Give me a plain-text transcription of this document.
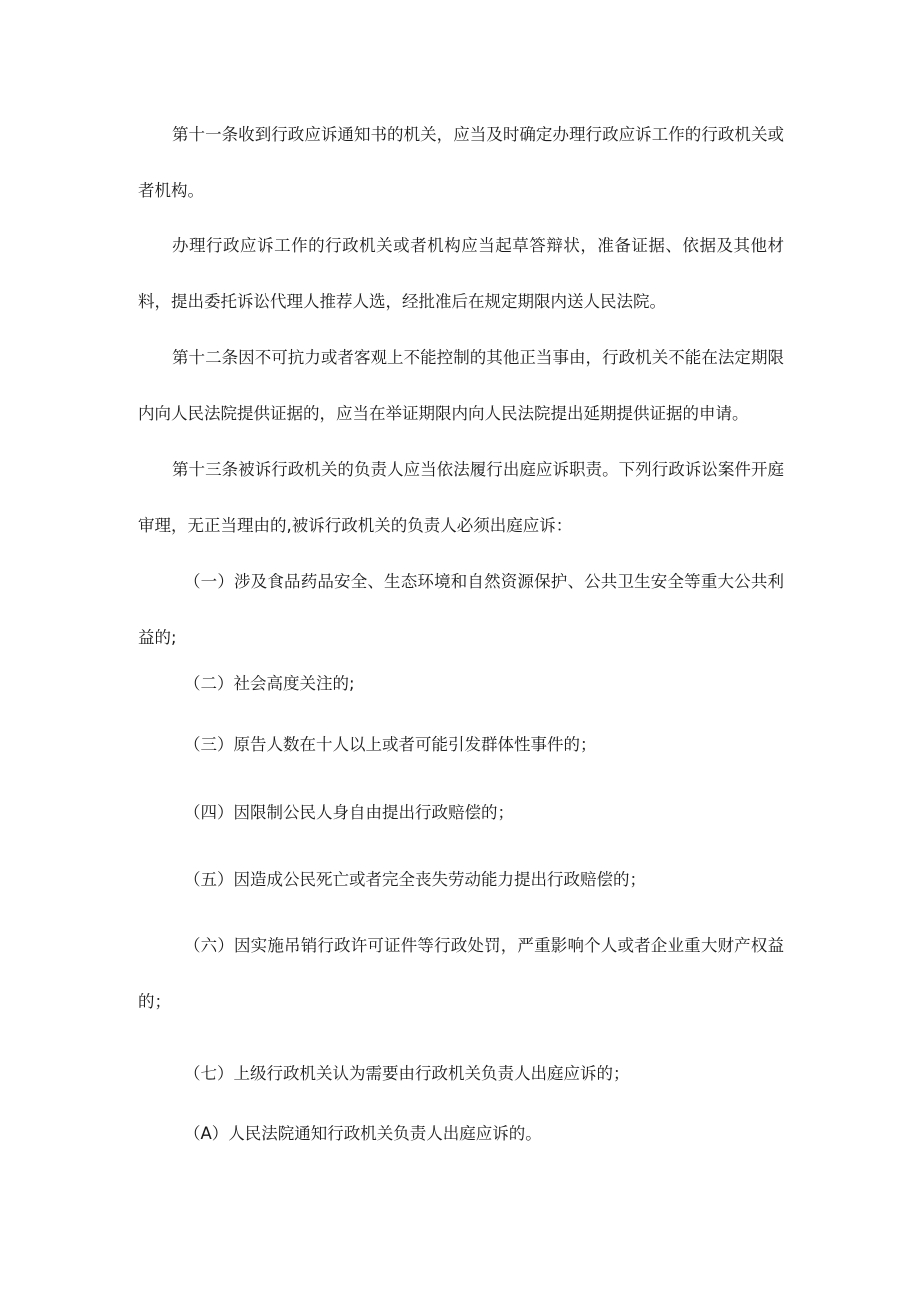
第十一条收到行政应诉通知书的机关，应当及时确定办理行政应诉工作的行政机关或者机构。

办理行政应诉工作的行政机关或者机构应当起草答辩状，准备证据、依据及其他材料，提出委托诉讼代理人推荐人选，经批准后在规定期限内送人民法院。

第十二条因不可抗力或者客观上不能控制的其他正当事由，行政机关不能在法定期限内向人民法院提供证据的，应当在举证期限内向人民法院提出延期提供证据的申请。

第十三条被诉行政机关的负责人应当依法履行出庭应诉职责。下列行政诉讼案件开庭审理，无正当理由的,被诉行政机关的负责人必须出庭应诉：

（一）涉及食品药品安全、生态环境和自然资源保护、公共卫生安全等重大公共利益的;

（二）社会高度关注的;

（三）原告人数在十人以上或者可能引发群体性事件的；

（四）因限制公民人身自由提出行政赔偿的；

（五）因造成公民死亡或者完全丧失劳动能力提出行政赔偿的；

（六）因实施吊销行政许可证件等行政处罚，严重影响个人或者企业重大财产权益的；

（七）上级行政机关认为需要由行政机关负责人出庭应诉的；

（A）人民法院通知行政机关负责人出庭应诉的。
